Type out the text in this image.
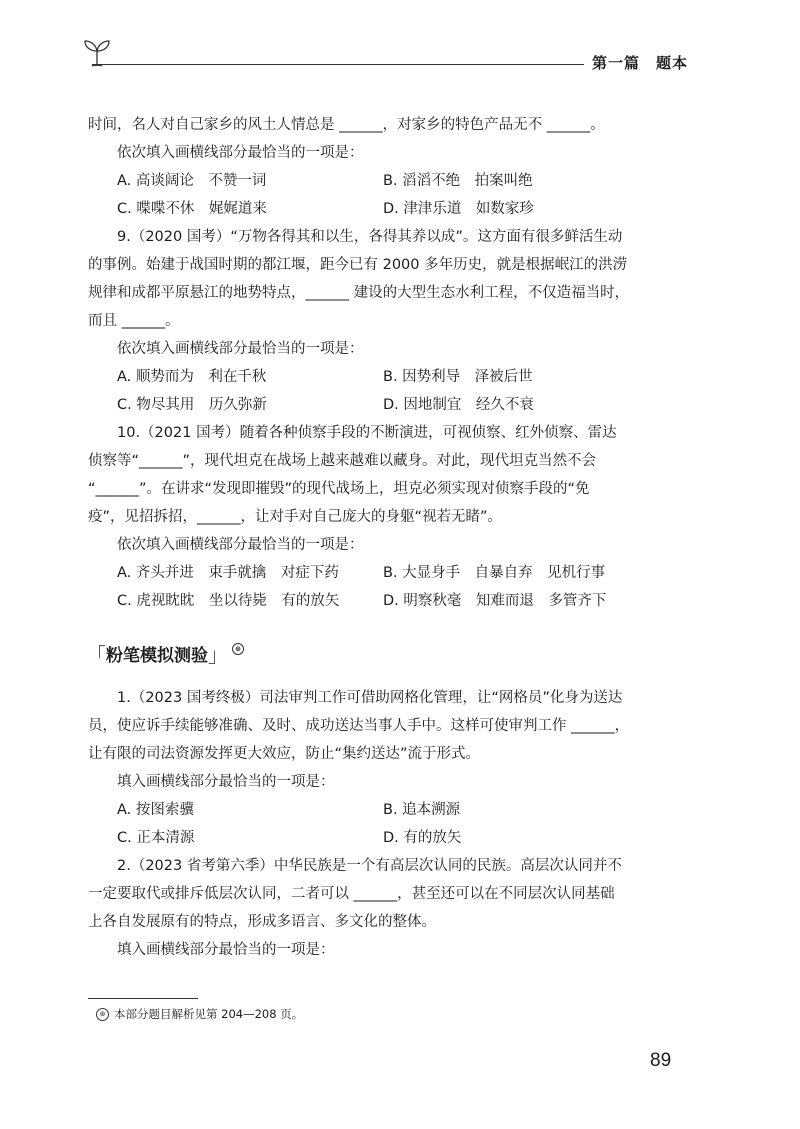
第一篇　题本

时间，名人对自己家乡的风土人情总是 ______，对家乡的特色产品无不 ______。

依次填入画横线部分最恰当的一项是：

A. 高谈阔论　不赞一词	B. 滔滔不绝　拍案叫绝
C. 喋喋不休　娓娓道来	D. 津津乐道　如数家珍

9.（2020 国考）“万物各得其和以生，各得其养以成”。这方面有很多鲜活生动

的事例。始建于战国时期的都江堰，距今已有 2000 多年历史，就是根据岷江的洪涝

规律和成都平原悬江的地势特点，______ 建设的大型生态水利工程，不仅造福当时，

而且 ______。

依次填入画横线部分最恰当的一项是：

A. 顺势而为　利在千秋	B. 因势利导　泽被后世
C. 物尽其用　历久弥新	D. 因地制宜　经久不衰

10.（2021 国考）随着各种侦察手段的不断演进，可视侦察、红外侦察、雷达

侦察等“______”，现代坦克在战场上越来越难以藏身。对此，现代坦克当然不会

“______”。在讲求“发现即摧毁”的现代战场上，坦克必须实现对侦察手段的“免

疫”，见招拆招，______，让对手对自己庞大的身躯“视若无睹”。

依次填入画横线部分最恰当的一项是：

A. 齐头并进　束手就擒　对症下药	B. 大显身手　自暴自弃　见机行事
C. 虎视眈眈　坐以待毙　有的放矢	D. 明察秋毫　知难而退　多管齐下
「 粉笔模拟测验 」	⊛

1.（2023 国考终极）司法审判工作可借助网格化管理，让“网格员”化身为送达

员，使应诉手续能够准确、及时、成功送达当事人手中。这样可使审判工作 ______，

让有限的司法资源发挥更大效应，防止“集约送达”流于形式。

填入画横线部分最恰当的一项是：

A. 按图索骥	B. 追本溯源
C. 正本清源	D. 有的放矢

2.（2023 省考第六季）中华民族是一个有高层次认同的民族。高层次认同并不

一定要取代或排斥低层次认同，二者可以 ______，甚至还可以在不同层次认同基础

上各自发展原有的特点，形成多语言、多文化的整体。

填入画横线部分最恰当的一项是：

⊛ 本部分题目解析见第 204—208 页。
89
